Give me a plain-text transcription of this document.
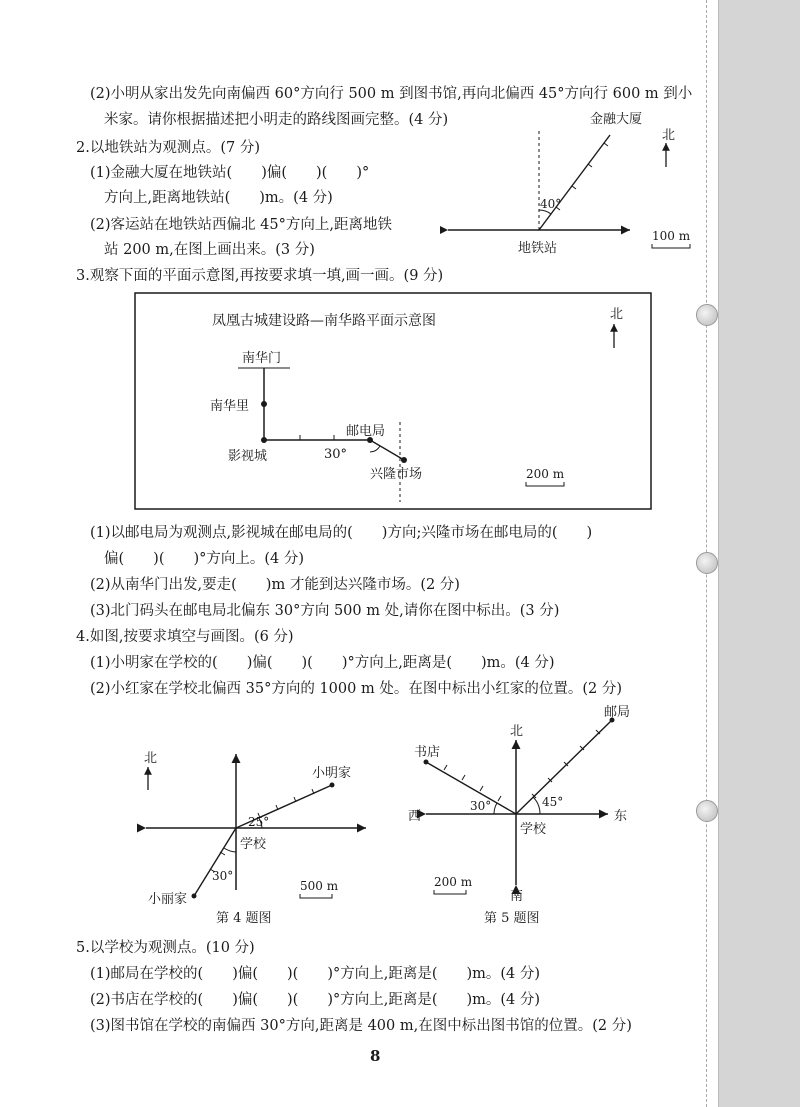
(2)小明从家出发先向南偏西 60°方向行 500 m 到图书馆,再向北偏西 45°方向行 600 m 到小
米家。请你根据描述把小明走的路线图画完整。(4 分)
2.以地铁站为观测点。(7 分)
(1)金融大厦在地铁站(　　)偏(　　)(　　)°
方向上,距离地铁站(　　)m。(4 分)
(2)客运站在地铁站西偏北 45°方向上,距离地铁
站 200 m,在图上画出来。(3 分)
金融大厦
北
40°
地铁站
100 m
3.观察下面的平面示意图,再按要求填一填,画一画。(9 分)
凤凰古城建设路—南华路平面示意图	北
南华门
南华里
影视城
邮电局
30°
兴隆市场	200 m
(1)以邮电局为观测点,影视城在邮电局的(　　)方向;兴隆市场在邮电局的(　　)
偏(　　)(　　)°方向上。(4 分)
(2)从南华门出发,要走(　　)m 才能到达兴隆市场。(2 分)
(3)北门码头在邮电局北偏东 30°方向 500 m 处,请你在图中标出。(3 分)
4.如图,按要求填空与画图。(6 分)
(1)小明家在学校的(　　)偏(　　)(　　)°方向上,距离是(　　)m。(4 分)
(2)小红家在学校北偏西 35°方向的 1000 m 处。在图中标出小红家的位置。(2 分)
北
小明家
25°
学校
30°
小丽家
500 m
第 4 题图
北
南
西	东
邮局
书店
30°	45°
学校
200 m
第 5 题图
5.以学校为观测点。(10 分)
(1)邮局在学校的(　　)偏(　　)(　　)°方向上,距离是(　　)m。(4 分)
(2)书店在学校的(　　)偏(　　)(　　)°方向上,距离是(　　)m。(4 分)
(3)图书馆在学校的南偏西 30°方向,距离是 400 m,在图中标出图书馆的位置。(2 分)
8
